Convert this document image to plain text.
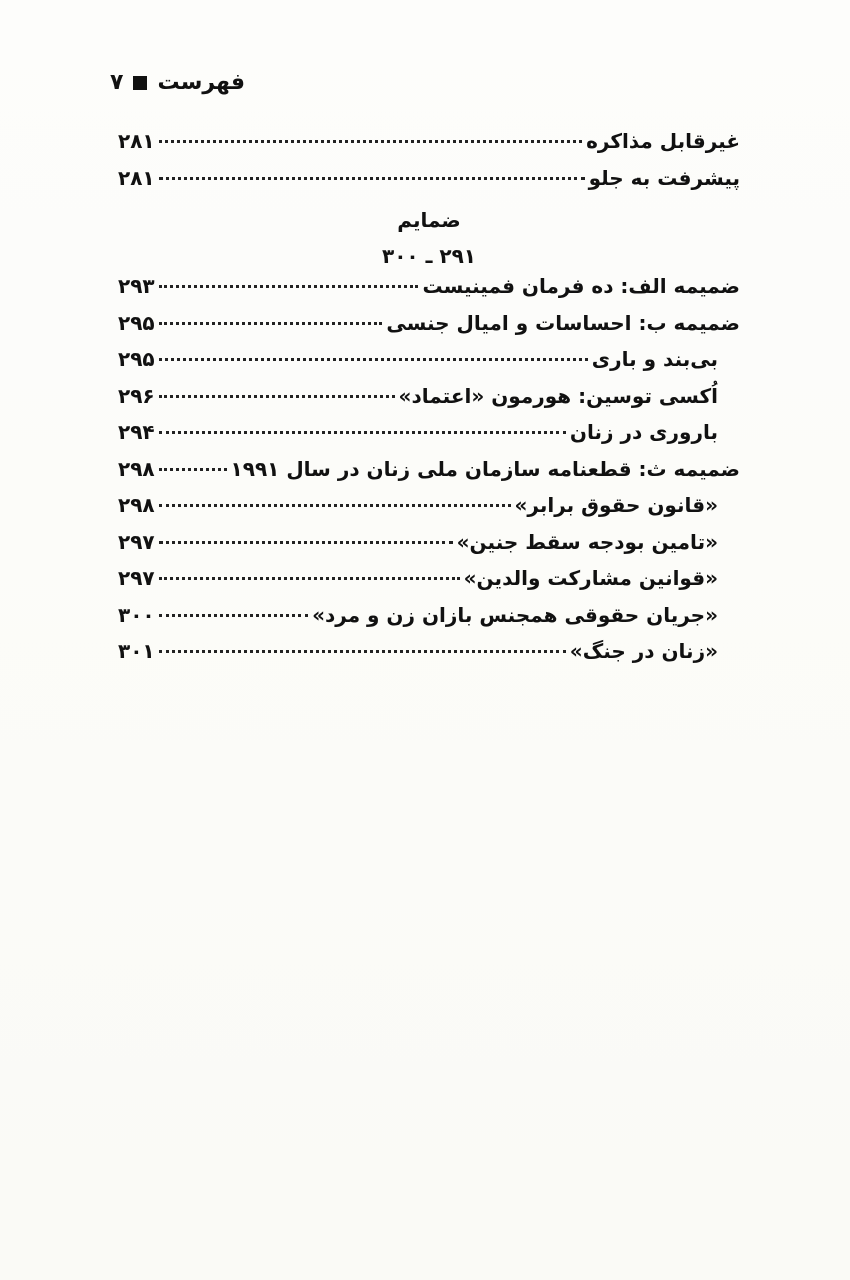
۷ فهرست
غیرقابل مذاکره
۲۸۱
پیشرفت به جلو
۲۸۱
ضمایم
۲۹۱ ـ ۳۰۰
ضمیمه الف: ده فرمان فمینیست
۲۹۳
ضمیمه ب: احساسات و امیال جنسی
۲۹۵
بی‌بند و باری
۲۹۵
اُکسی توسین: هورمون «اعتماد»
۲۹۶
باروری در زنان
۲۹۴
ضمیمه ث: قطعنامه سازمان ملی زنان در سال ۱۹۹۱
۲۹۸
«قانون حقوق برابر»
۲۹۸
«تامین بودجه سقط جنین»
۲۹۷
«قوانین مشارکت والدین»
۲۹۷
«جریان حقوقی همجنس بازان زن و مرد»
۳۰۰
«زنان در جنگ»
۳۰۱
